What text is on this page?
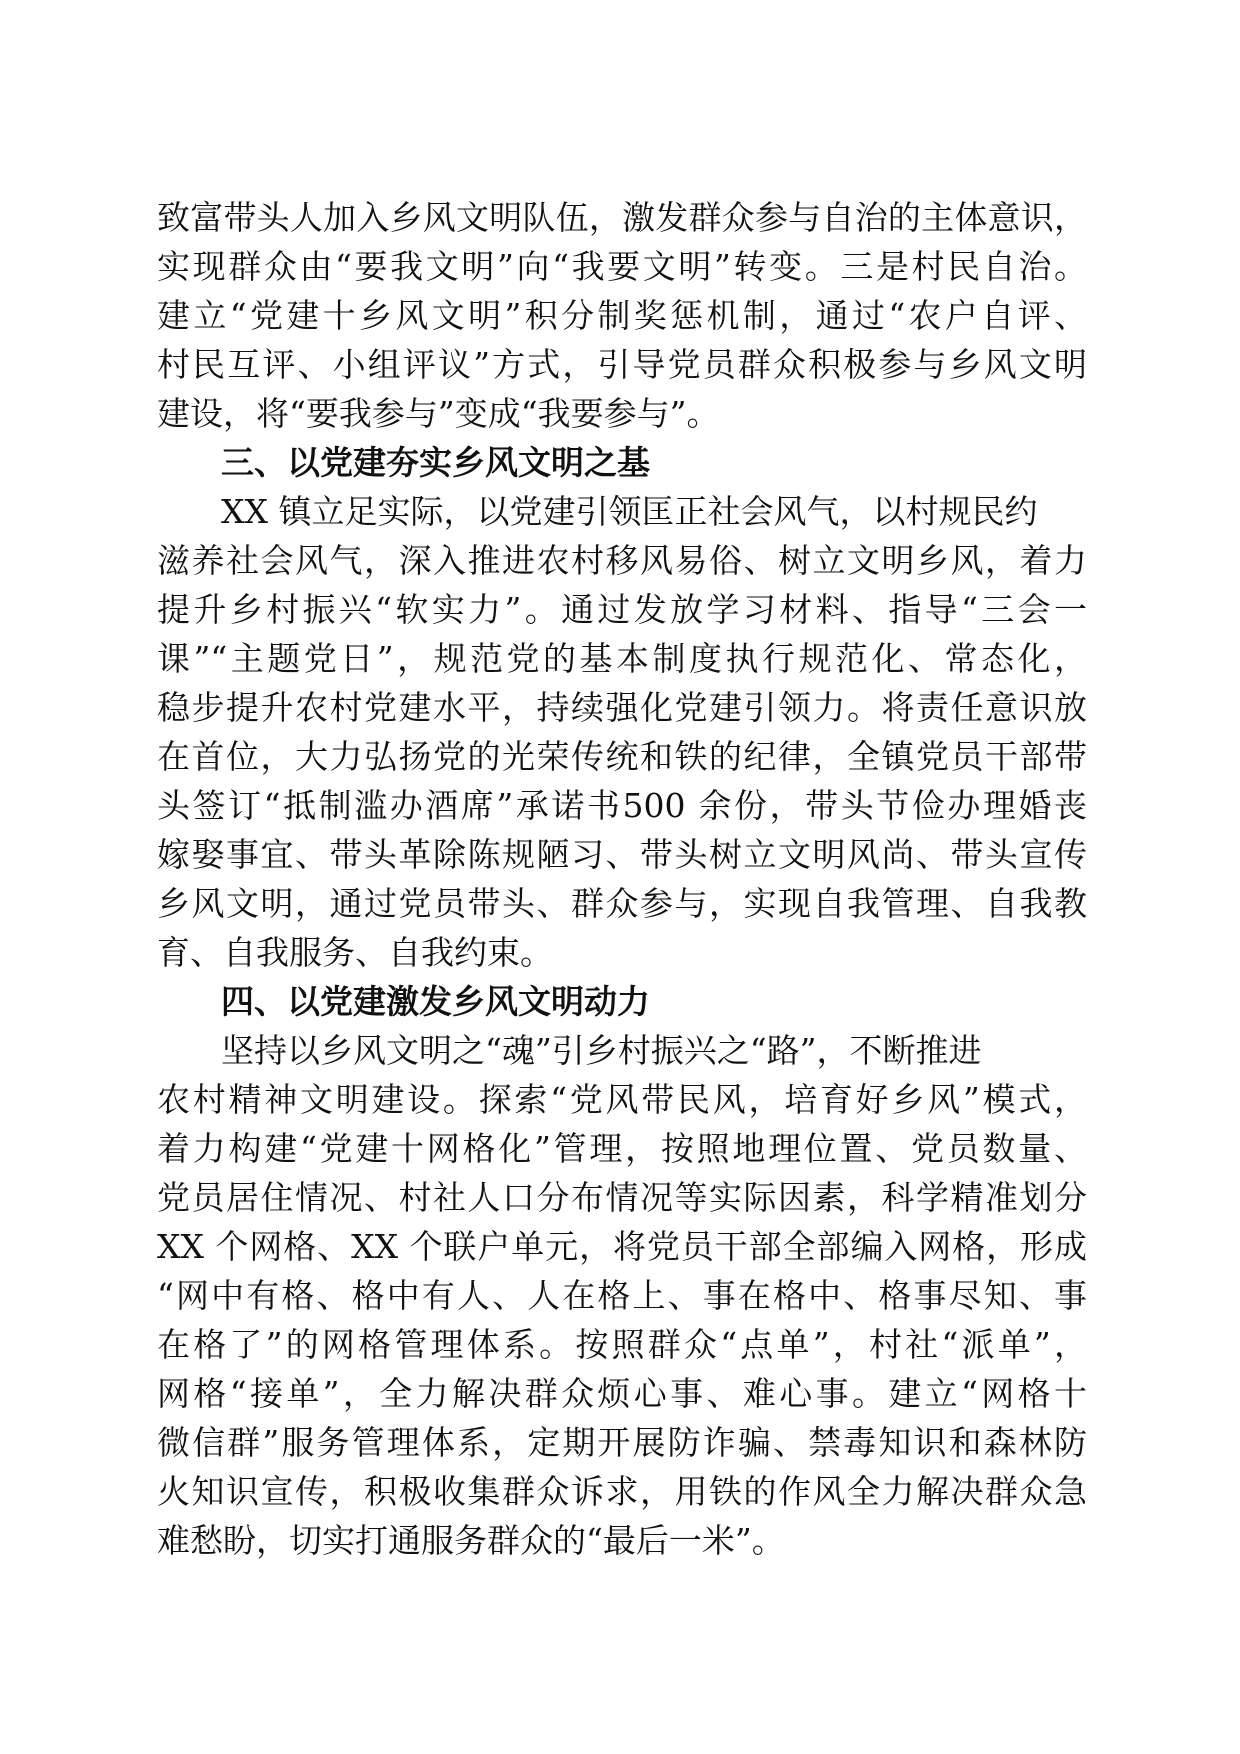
致富带头人加入乡风文明队伍，激发群众参与自治的主体意识，
实现群众由“要我文明”向“我要文明”转变。三是村民自治。
建立“党建十乡风文明”积分制奖惩机制，通过“农户自评、
村民互评、小组评议”方式，引导党员群众积极参与乡风文明
建设，将“要我参与”变成“我要参与”。
三、以党建夯实乡风文明之基
XX 镇立足实际，以党建引领匡正社会风气，以村规民约
滋养社会风气，深入推进农村移风易俗、树立文明乡风，着力
提升乡村振兴“软实力”。通过发放学习材料、指导“三会一
课”“主题党日”，规范党的基本制度执行规范化、常态化，
稳步提升农村党建水平，持续强化党建引领力。将责任意识放
在首位，大力弘扬党的光荣传统和铁的纪律，全镇党员干部带
头签订“抵制滥办酒席”承诺书500 余份，带头节俭办理婚丧
嫁娶事宜、带头革除陈规陋习、带头树立文明风尚、带头宣传
乡风文明，通过党员带头、群众参与，实现自我管理、自我教
育、自我服务、自我约束。
四、以党建激发乡风文明动力
坚持以乡风文明之“魂”引乡村振兴之“路”，不断推进
农村精神文明建设。探索“党风带民风，培育好乡风”模式，
着力构建“党建十网格化”管理，按照地理位置、党员数量、
党员居住情况、村社人口分布情况等实际因素，科学精准划分
XX 个网格、XX 个联户单元，将党员干部全部编入网格，形成
“网中有格、格中有人、人在格上、事在格中、格事尽知、事
在格了”的网格管理体系。按照群众“点单”，村社“派单”，
网格“接单”，全力解决群众烦心事、难心事。建立“网格十
微信群”服务管理体系，定期开展防诈骗、禁毒知识和森林防
火知识宣传，积极收集群众诉求，用铁的作风全力解决群众急
难愁盼，切实打通服务群众的“最后一米”。
